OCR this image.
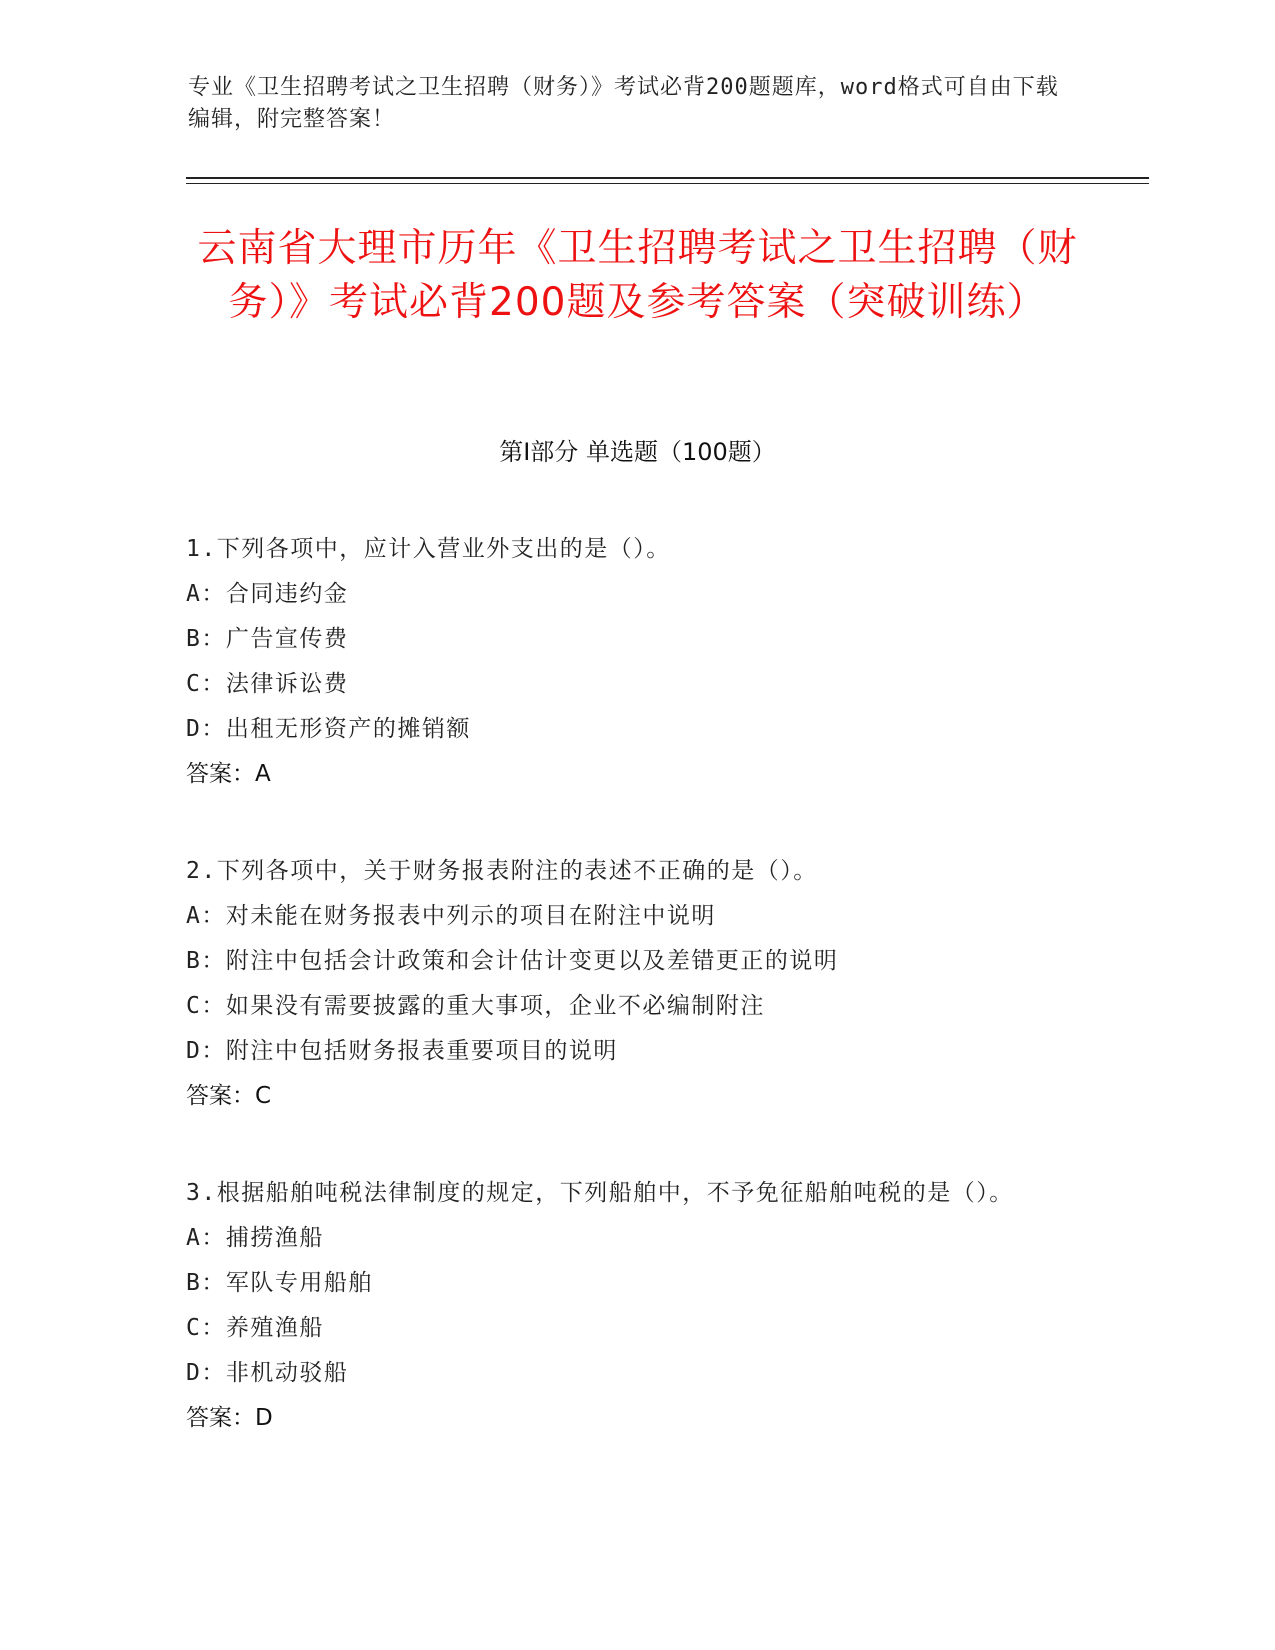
专业《卫生招聘考试之卫生招聘（财务）》考试必背200题题库，word格式可自由下载编辑，附完整答案！
云南省大理市历年《卫生招聘考试之卫生招聘（财务）》考试必背200题及参考答案（突破训练）
第Ⅰ部分 单选题（100题）
1.下列各项中，应计入营业外支出的是（）。
A：合同违约金
B：广告宣传费
C：法律诉讼费
D：出租无形资产的摊销额
答案：A
2.下列各项中，关于财务报表附注的表述不正确的是（）。
A：对未能在财务报表中列示的项目在附注中说明
B：附注中包括会计政策和会计估计变更以及差错更正的说明
C：如果没有需要披露的重大事项，企业不必编制附注
D：附注中包括财务报表重要项目的说明
答案：C
3.根据船舶吨税法律制度的规定，下列船舶中，不予免征船舶吨税的是（）。
A：捕捞渔船
B：军队专用船舶
C：养殖渔船
D：非机动驳船
答案：D
